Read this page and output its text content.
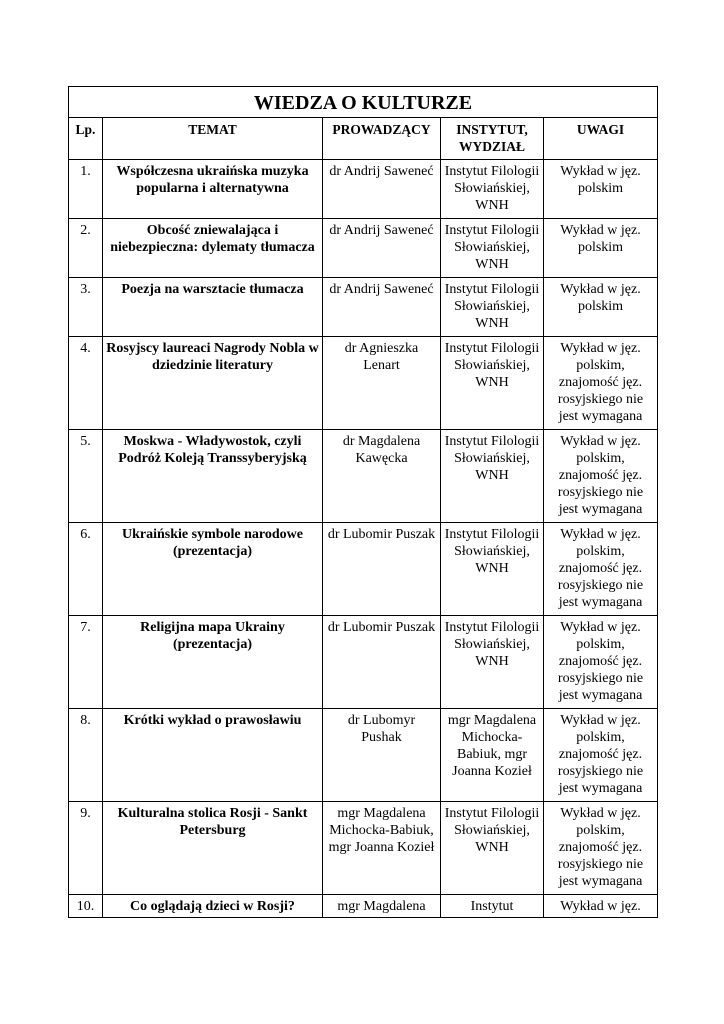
WIEDZA O KULTURZE				
Lp.	TEMAT	PROWADZĄCY	INSTYTUT, WYDZIAŁ	UWAGI
1.	Współczesna ukraińska muzyka popularna i alternatywna	dr Andrij Saweneć	Instytut Filologii Słowiańskiej, WNH	Wykład w jęz. polskim
2.	Obcość zniewalająca i niebezpieczna: dylematy tłumacza	dr Andrij Saweneć	Instytut Filologii Słowiańskiej, WNH	Wykład w jęz. polskim
3.	Poezja na warsztacie tłumacza	dr Andrij Saweneć	Instytut Filologii Słowiańskiej, WNH	Wykład w jęz. polskim
4.	Rosyjscy laureaci Nagrody Nobla w dziedzinie literatury	dr Agnieszka Lenart	Instytut Filologii Słowiańskiej, WNH	Wykład w jęz. polskim, znajomość jęz. rosyjskiego nie jest wymagana
5.	Moskwa - Władywostok, czyli Podróż Koleją Transsyberyjską	dr Magdalena Kawęcka	Instytut Filologii Słowiańskiej, WNH	Wykład w jęz. polskim, znajomość jęz. rosyjskiego nie jest wymagana
6.	Ukraińskie symbole narodowe (prezentacja)	dr Lubomir Puszak	Instytut Filologii Słowiańskiej, WNH	Wykład w jęz. polskim, znajomość jęz. rosyjskiego nie jest wymagana
7.	Religijna mapa Ukrainy (prezentacja)	dr Lubomir Puszak	Instytut Filologii Słowiańskiej, WNH	Wykład w jęz. polskim, znajomość jęz. rosyjskiego nie jest wymagana
8.	Krótki wykład o prawosławiu	dr Lubomyr Pushak	mgr Magdalena Michocka-Babiuk, mgr Joanna Kozieł	Wykład w jęz. polskim, znajomość jęz. rosyjskiego nie jest wymagana
9.	Kulturalna stolica Rosji - Sankt Petersburg	mgr Magdalena Michocka-Babiuk, mgr Joanna Kozieł	Instytut Filologii Słowiańskiej, WNH	Wykład w jęz. polskim, znajomość jęz. rosyjskiego nie jest wymagana
10.	Co oglądają dzieci w Rosji?	mgr Magdalena	Instytut	Wykład w jęz.
